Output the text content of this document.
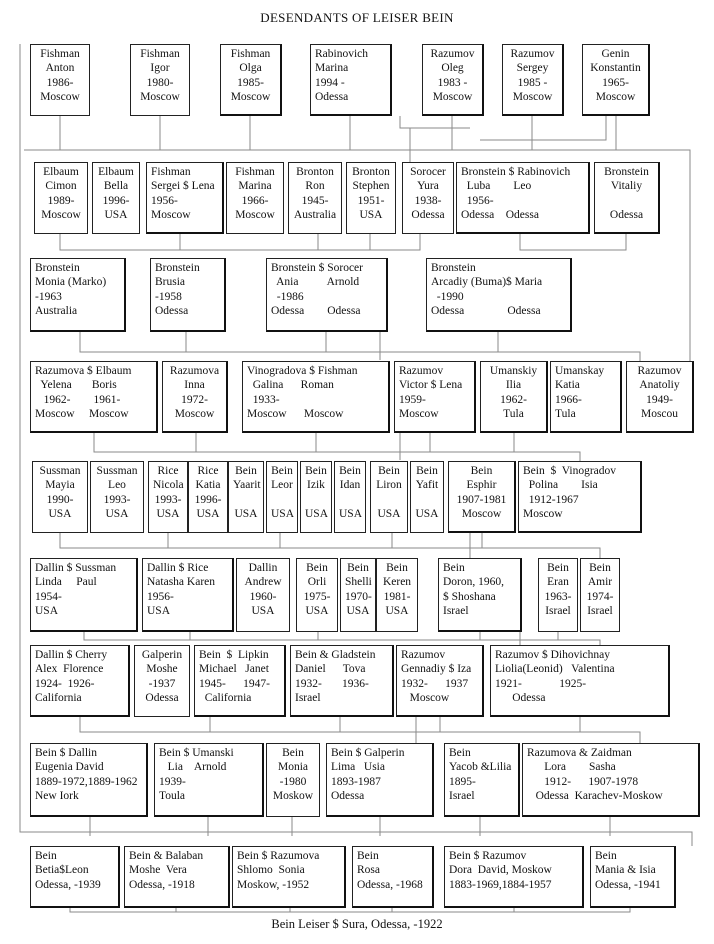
DESENDANTS OF LEISER BEIN
Fishman
Anton
1986-
Moscow
Fishman
Igor
1980-
Moscow
Fishman
Olga
1985-
Moscow
Rabinovich
Marina
1994 -
Odessa
Razumov
Oleg
1983 -
Moscow
Razumov
Sergey
1985 -
Moscow
Genin
Konstantin
1965-
Moscow
Elbaum
Cimon
1989-
Moscow
Elbaum
Bella
1996-
USA
Fishman
Sergei $ Lena
1956-
Moscow
Fishman
Marina
1966-
Moscow
Bronton
Ron
1945-
Australia
Bronton
Stephen
1951-
USA
Sorocer
Yura
1938-
Odessa
Bronstein $ Rabinovich
Luba        Leo
1956-
Odessa    Odessa
Bronstein
Vitaliy

Odessa
Bronstein
Monia (Marko)
-1963
Australia
Bronstein
Brusia
-1958
Odessa
Bronstein $ Sorocer
Ania          Arnold
-1986
Odessa        Odessa
Bronstein
Arcadiy (Buma)$ Maria
-1990
Odessa               Odessa
Razumova $ Elbaum
Yelena       Boris
1962-        1961-
Moscow     Moscow
Razumova
Inna
1972-
Moscow
Vinogradova $ Fishman
Galina      Roman
1933-
Moscow      Moscow
Razumov
Victor $ Lena
1959-
Moscow
Umanskiy
Ilia
1962-
Tula
Umanskay
Katia
1966-
Tula
Razumov
Anatoliy
1949-
Moscou
Sussman
Mayia
1990-
USA
Sussman
Leo
1993-
USA
Rice
Nicola
1993-
USA
Rice
Katia
1996-
USA
Bein
Yaarit

USA
Bein
Leor

USA
Bein
Izik

USA
Bein
Idan

USA
Bein
Liron

USA
Bein
Yafit

USA
Bein
Esphir
1907-1981
Moscow
Bein  $  Vinogradov
Polina        Isia
1912-1967
Moscow
Dallin $ Sussman
Linda     Paul
1954-
USA
Dallin $ Rice
Natasha Karen
1956-
USA
Dallin
Andrew
1960-
USA
Bein
Orli
1975-
USA
Bein
Shelli
1970-
USA
Bein
Keren
1981-
USA
Bein
Doron, 1960,
$ Shoshana
Israel
Bein
Eran
1963-
Israel
Bein
Amir
1974-
Israel
Dallin $ Cherry
Alex  Florence
1924-  1926-
California
Galperin
Moshe
-1937
Odessa
Bein  $  Lipkin
Michael   Janet
1945-      1947-
California
Bein & Gladstein
Daniel      Tova
1932-       1936-
Israel
Razumov
Gennadiy $ Iza
1932-      1937
Moscow
Razumov $ Dihovichnay
Liolia(Leonid)   Valentina
1921-             1925-
Odessa
Bein $ Dallin
Eugenia David
1889-1972,1889-1962
New Iork
Bein $ Umanski
Lia    Arnold
1939-
Toula
Bein
Monia
-1980
Moskow
Bein $ Galperin
Lima   Usia
1893-1987
Odessa
Bein
Yacob &Lilia
1895-
Israel
Razumova & Zaidman
Lora        Sasha
1912-      1907-1978
Odessa  Karachev-Moskow
Bein
Betia$Leon
Odessa, -1939
Bein & Balaban
Moshe  Vera
Odessa, -1918
Bein $ Razumova
Shlomo  Sonia
Moskow, -1952
Bein
Rosa
Odessa, -1968
Bein $ Razumov
Dora  David, Moskow
1883-1969,1884-1957
Bein
Mania & Isia
Odessa, -1941
Bein Leiser $ Sura, Odessa, -1922
